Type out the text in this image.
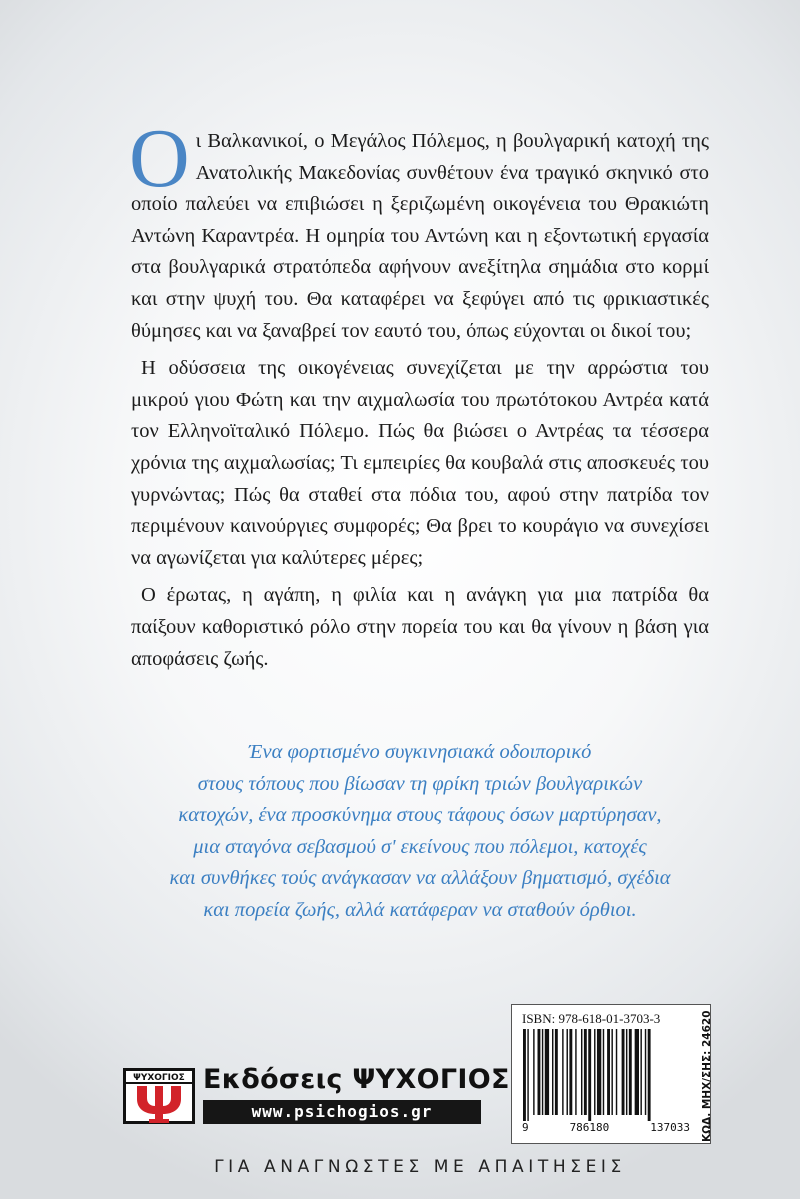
Οι Βαλκανικοί, ο Μεγάλος Πόλεμος, η βουλγαρική κατοχή της Ανατολικής Μακεδονίας συνθέτουν ένα τραγικό σκηνικό στο οποίο παλεύει να επιβιώσει η ξεριζωμένη οικογένεια του Θρακιώτη Αντώνη Καραντρέα. Η ομηρία του Αντώνη και η εξοντωτική εργασία στα βουλγαρικά στρατόπεδα αφήνουν ανεξίτηλα σημάδια στο κορμί και στην ψυχή του. Θα καταφέρει να ξεφύγει από τις φρικιαστικές θύμησες και να ξαναβρεί τον εαυτό του, όπως εύχονται οι δικοί του;

Η οδύσσεια της οικογένειας συνεχίζεται με την αρρώστια του μικρού γιου Φώτη και την αιχμαλωσία του πρωτότοκου Αντρέα κατά τον Ελληνοϊταλικό Πόλεμο. Πώς θα βιώσει ο Αντρέας τα τέσσερα χρόνια της αιχμαλωσίας; Τι εμπειρίες θα κουβαλά στις αποσκευές του γυρνώντας; Πώς θα σταθεί στα πόδια του, αφού στην πατρίδα τον περιμένουν καινούργιες συμφορές; Θα βρει το κουράγιο να συνεχίσει να αγωνίζεται για καλύτερες μέρες;

Ο έρωτας, η αγάπη, η φιλία και η ανάγκη για μια πατρίδα θα παίξουν καθοριστικό ρόλο στην πορεία του και θα γίνουν η βάση για αποφάσεις ζωής.

Ένα φορτισμένο συγκινησιακά οδοιπορικό
στους τόπους που βίωσαν τη φρίκη τριών βουλγαρικών
κατοχών, ένα προσκύνημα στους τάφους όσων μαρτύρησαν,
μια σταγόνα σεβασμού σ' εκείνους που πόλεμοι, κατοχές
και συνθήκες τούς ανάγκασαν να αλλάξουν βηματισμό, σχέδια
και πορεία ζωής, αλλά κατάφεραν να σταθούν όρθιοι.
ΨΥΧΟΓΙΟΣ Εκδόσεις ΨΥΧΟΓΙΟΣ
www.psichogios.gr
ISBN: 978-618-01-3703-3
9	786180	137033 ΚΩΔ. ΜΗΧ/ΣΗΣ: 24620
ΓΙΑ ΑΝΑΓΝΩΣΤΕΣ ΜΕ ΑΠΑΙΤΗΣΕΙΣ
